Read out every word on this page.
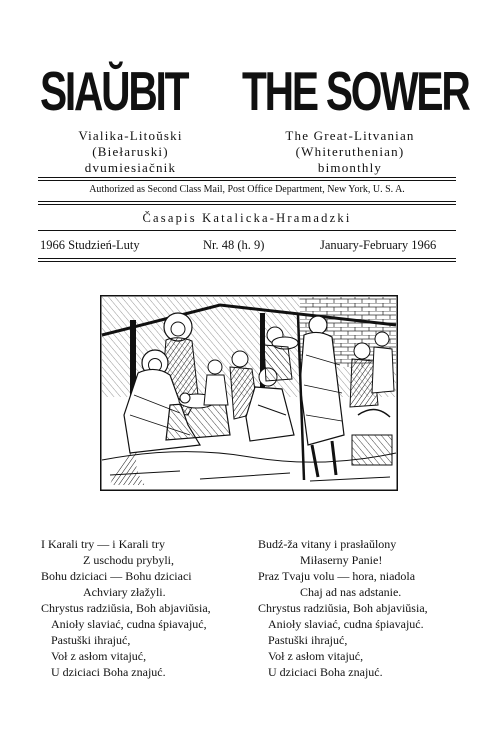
SIAŬBIT THE SOWER
Vialika-Litoŭski
(Biełaruski)
dvumiesiačnik
The Great-Litvanian
(Whiteruthenian)
bimonthly
Authorized as Second Class Mail, Post Office Department, New York, U. S. A.
Časapis Katalicka-Hramadzki
1966 Studzień-Luty	Nr. 48 (h. 9)	January-February 1966
I Karali try — i Karali try
Z uschodu prybyli,
Bohu dziciaci — Bohu dziciaci
Achviary złažyli.
Chrystus radziŭsia, Boh abjaviŭsia,
Anioły slaviać, cudna śpiavajuć,
Pastuški ihrajuć,
Voł z asłom vitajuć,
U dziciaci Boha znajuć.
Budź-ža vitany i prasłaŭlony
Miłaserny Panie!
Praz Tvaju volu — hora, niadola
Chaj ad nas adstanie.
Chrystus radziŭsia, Boh abjaviŭsia,
Anioły slaviać, cudna śpiavajuć.
Pastuški ihrajuć,
Voł z asłom vitajuć,
U dziciaci Boha znajuć.
